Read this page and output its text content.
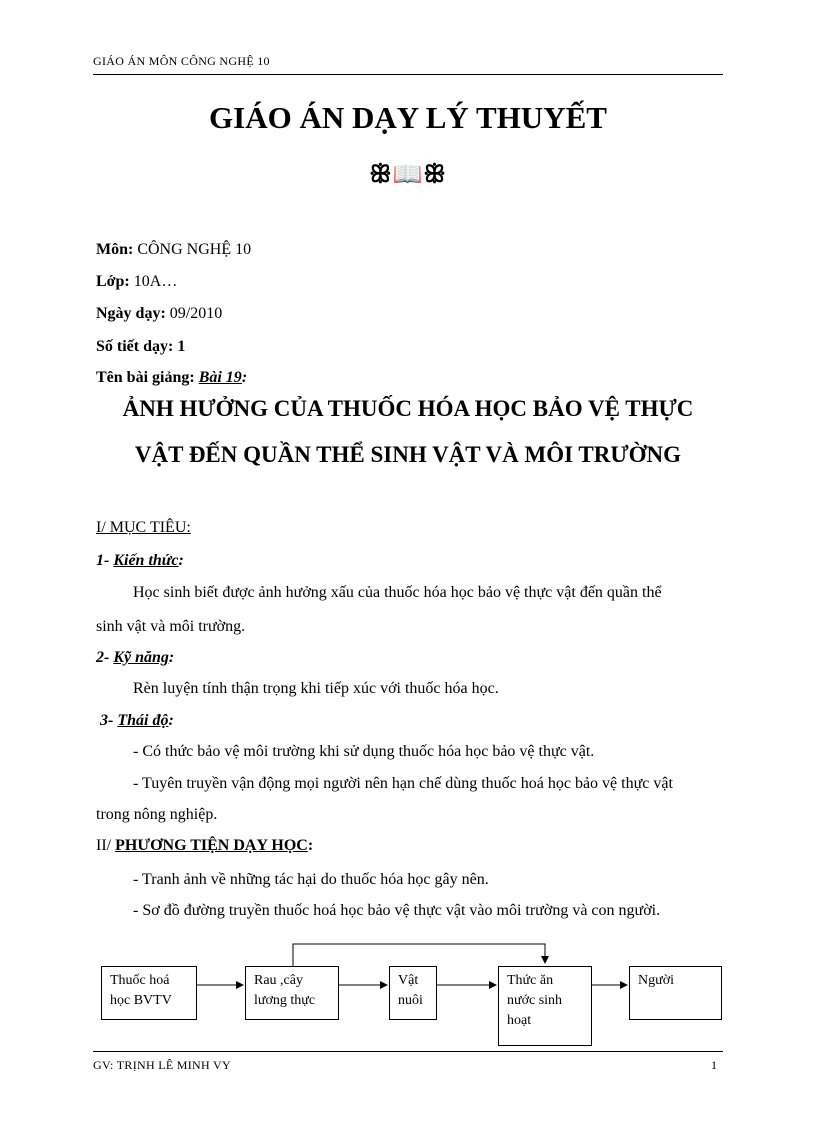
GIÁO ÁN MÔN CÔNG NGHỆ 10
GIÁO ÁN DẠY LÝ THUYẾT
ꕥ📖ꕥ
Môn: CÔNG NGHỆ 10
Lớp: 10A…
Ngày dạy: 09/2010
Số tiết dạy: 1
Tên bài giảng: Bài 19:
ẢNH HƯỞNG CỦA THUỐC HÓA HỌC BẢO VỆ THỰC
VẬT ĐẾN QUẦN THỂ SINH VẬT VÀ MÔI TRƯỜNG
I/ MỤC TIÊU:
1- Kiến thức:
Học sinh biết được ảnh hưởng xấu của thuốc hóa học bảo vệ thực vật đến quần thể
sinh vật và môi trường.
2- Kỹ năng:
Rèn luyện tính thận trọng khi tiếp xúc với thuốc hóa học.
3- Thái độ:
- Có thức bảo vệ môi trường khi sử dụng thuốc hóa học bảo vệ thực vật.
- Tuyên truyền vận động mọi người nên hạn chế dùng thuốc hoá học bảo vệ thực vật
trong nông nghiệp.
II/ PHƯƠNG TIỆN DẠY HỌC:
- Tranh ảnh về những tác hại do thuốc hóa học gây nên.
- Sơ đồ đường truyền thuốc hoá học bảo vệ thực vật vào môi trường và con người.
Thuốc hoá học BVTV
Rau ,cây lương thực
Vật nuôi
Thức ăn nước sinh hoạt
Người
GV: TRỊNH LÊ MINH VY	1
